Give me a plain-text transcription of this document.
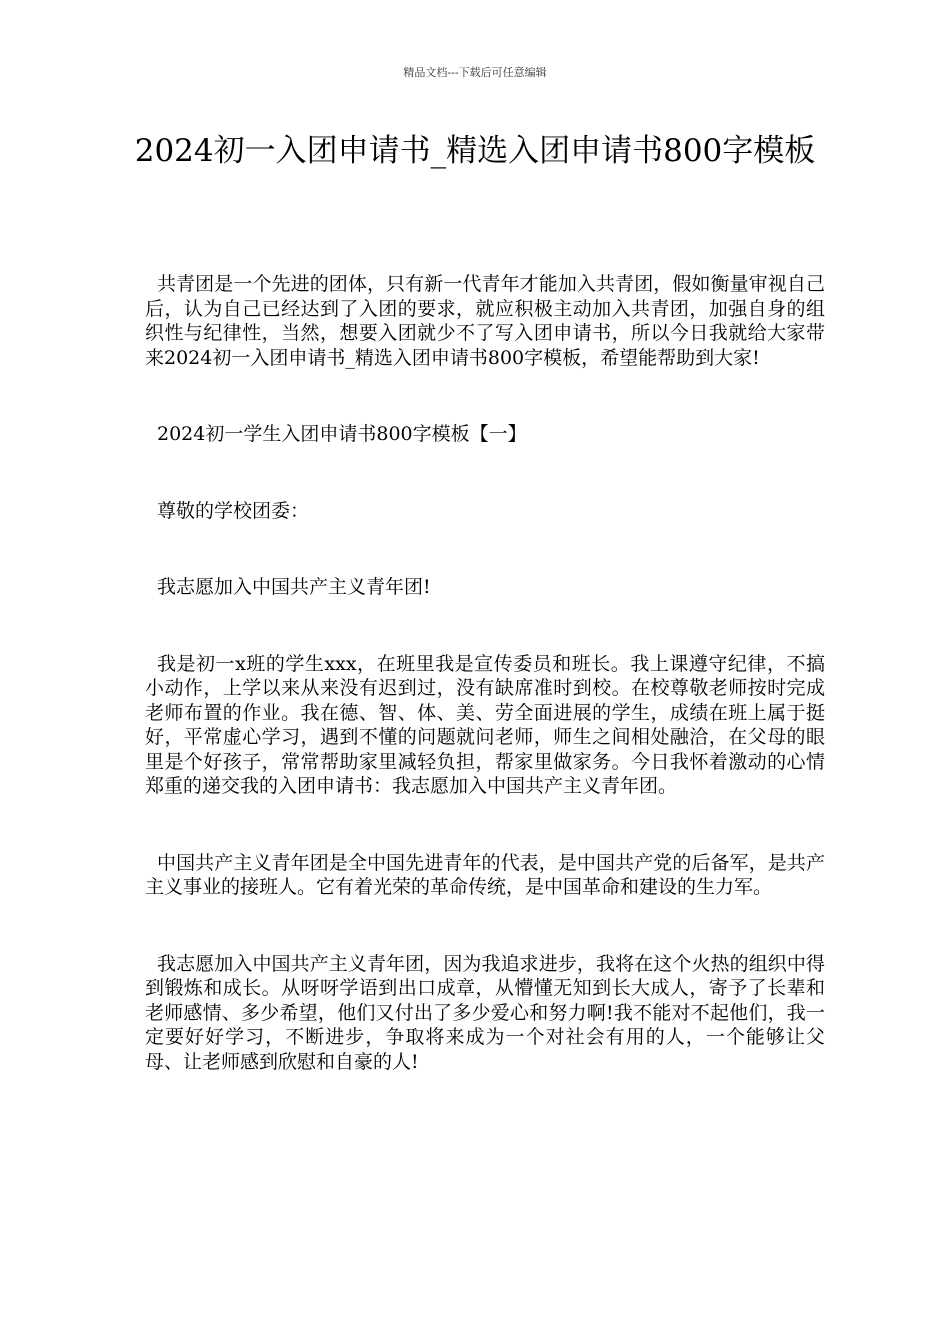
精品文档---下载后可任意编辑
2024初一入团申请书_精选入团申请书800字模板

共青团是一个先进的团体，只有新一代青年才能加入共青团，假如衡量审视自己后，认为自己已经达到了入团的要求，就应积极主动加入共青团，加强自身的组织性与纪律性，当然，想要入团就少不了写入团申请书，所以今日我就给大家带来2024初一入团申请书_精选入团申请书800字模板，希望能帮助到大家!

2024初一学生入团申请书800字模板【一】

尊敬的学校团委：

我志愿加入中国共产主义青年团!

我是初一x班的学生xxx，在班里我是宣传委员和班长。我上课遵守纪律，不搞小动作，上学以来从来没有迟到过，没有缺席准时到校。在校尊敬老师按时完成老师布置的作业。我在德、智、体、美、劳全面进展的学生，成绩在班上属于挺好，平常虚心学习，遇到不懂的问题就问老师，师生之间相处融洽，在父母的眼里是个好孩子，常常帮助家里减轻负担，帮家里做家务。今日我怀着激动的心情郑重的递交我的入团申请书：我志愿加入中国共产主义青年团。

中国共产主义青年团是全中国先进青年的代表，是中国共产党的后备军，是共产主义事业的接班人。它有着光荣的革命传统，是中国革命和建设的生力军。

我志愿加入中国共产主义青年团，因为我追求进步，我将在这个火热的组织中得到锻炼和成长。从呀呀学语到出口成章，从懵懂无知到长大成人，寄予了长辈和老师感情、多少希望，他们又付出了多少爱心和努力啊!我不能对不起他们，我一定要好好学习，不断进步，争取将来成为一个对社会有用的人，一个能够让父母、让老师感到欣慰和自豪的人!
